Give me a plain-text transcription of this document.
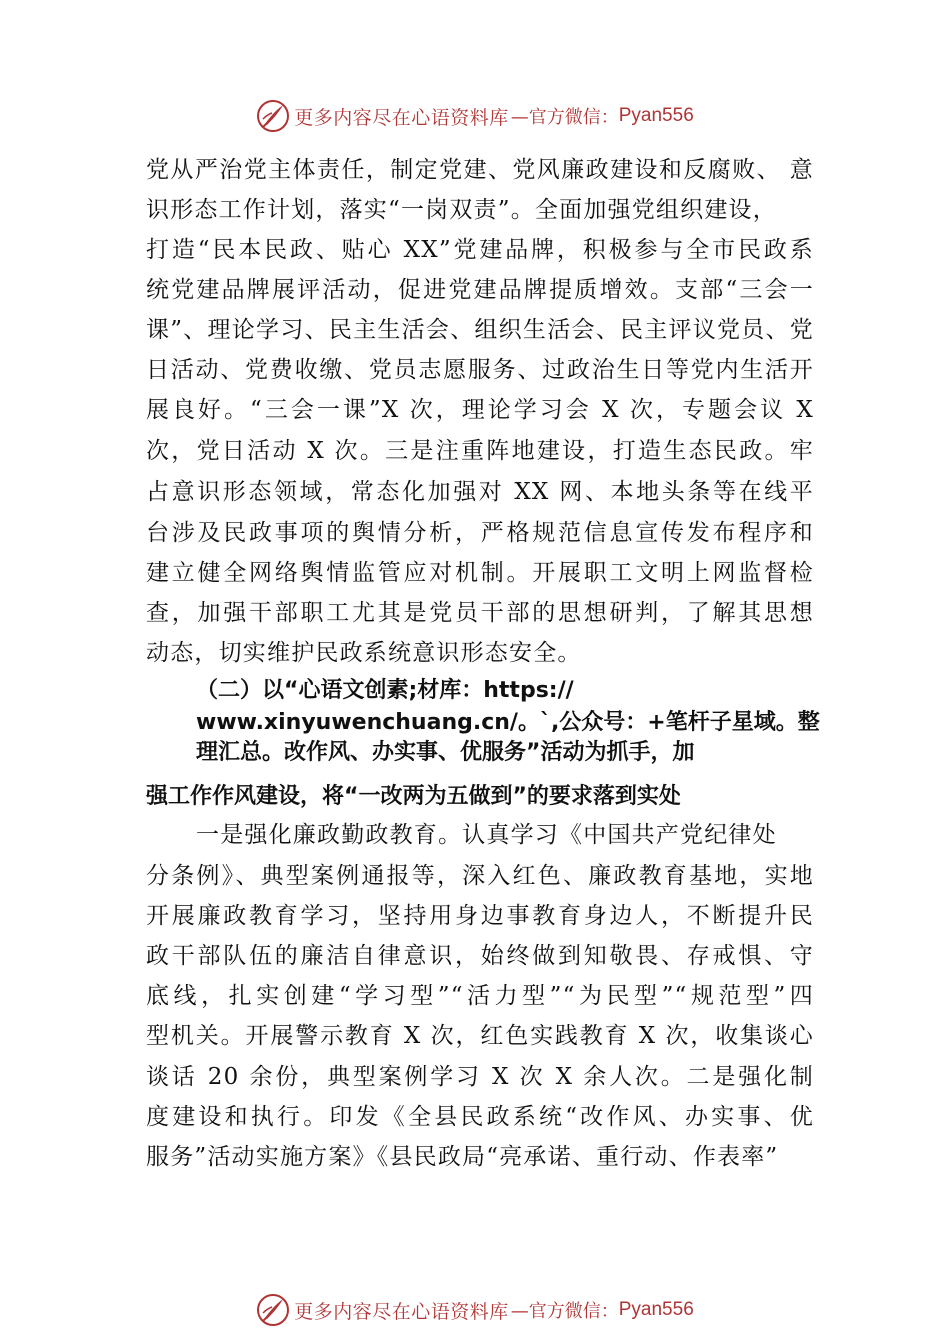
更多内容尽在心语资料库 —官方微信： Pyan556
党从严治党主体责任，制定党建、党风廉政建设和反腐败、 意
识形态工作计划，落实“一岗双责”。全面加强党组织建设，
打造“民本民政、贴心 XX”党建品牌，积极参与全市民政系
统党建品牌展评活动，促进党建品牌提质增效。支部“三会一
课”、理论学习、民主生活会、组织生活会、民主评议党员、党
日活动、党费收缴、党员志愿服务、过政治生日等党内生活开
展良好。“三会一课”X 次，理论学习会 X 次，专题会议 X
次，党日活动 X 次。三是注重阵地建设，打造生态民政。牢
占意识形态领域，常态化加强对 XX 网、本地头条等在线平
台涉及民政事项的舆情分析，严格规范信息宣传发布程序和
建立健全网络舆情监管应对机制。开展职工文明上网监督检
查，加强干部职工尤其是党员干部的思想研判，了解其思想
动态，切实维护民政系统意识形态安全。
（二）以“心语文创素;材库：https://
www.xinyuwenchuang.cn/。`,公众号：+笔杆子星域。整
理汇总。改作风、办实事、优服务”活动为抓手，加
强工作作风建设，将“一改两为五做到”的要求落到实处
一是强化廉政勤政教育。认真学习《中国共产党纪律处
分条例》、典型案例通报等，深入红色、廉政教育基地，实地
开展廉政教育学习，坚持用身边事教育身边人，不断提升民
政干部队伍的廉洁自律意识，始终做到知敬畏、存戒惧、守
底线，扎实创建“学习型”“活力型”“为民型”“规范型”四
型机关。开展警示教育 X 次，红色实践教育 X 次，收集谈心
谈话 20 余份，典型案例学习 X 次 X 余人次。二是强化制
度建设和执行。印发《全县民政系统“改作风、办实事、优
服务”活动实施方案》《县民政局“亮承诺、重行动、作表率”
更多内容尽在心语资料库 —官方微信： Pyan556
